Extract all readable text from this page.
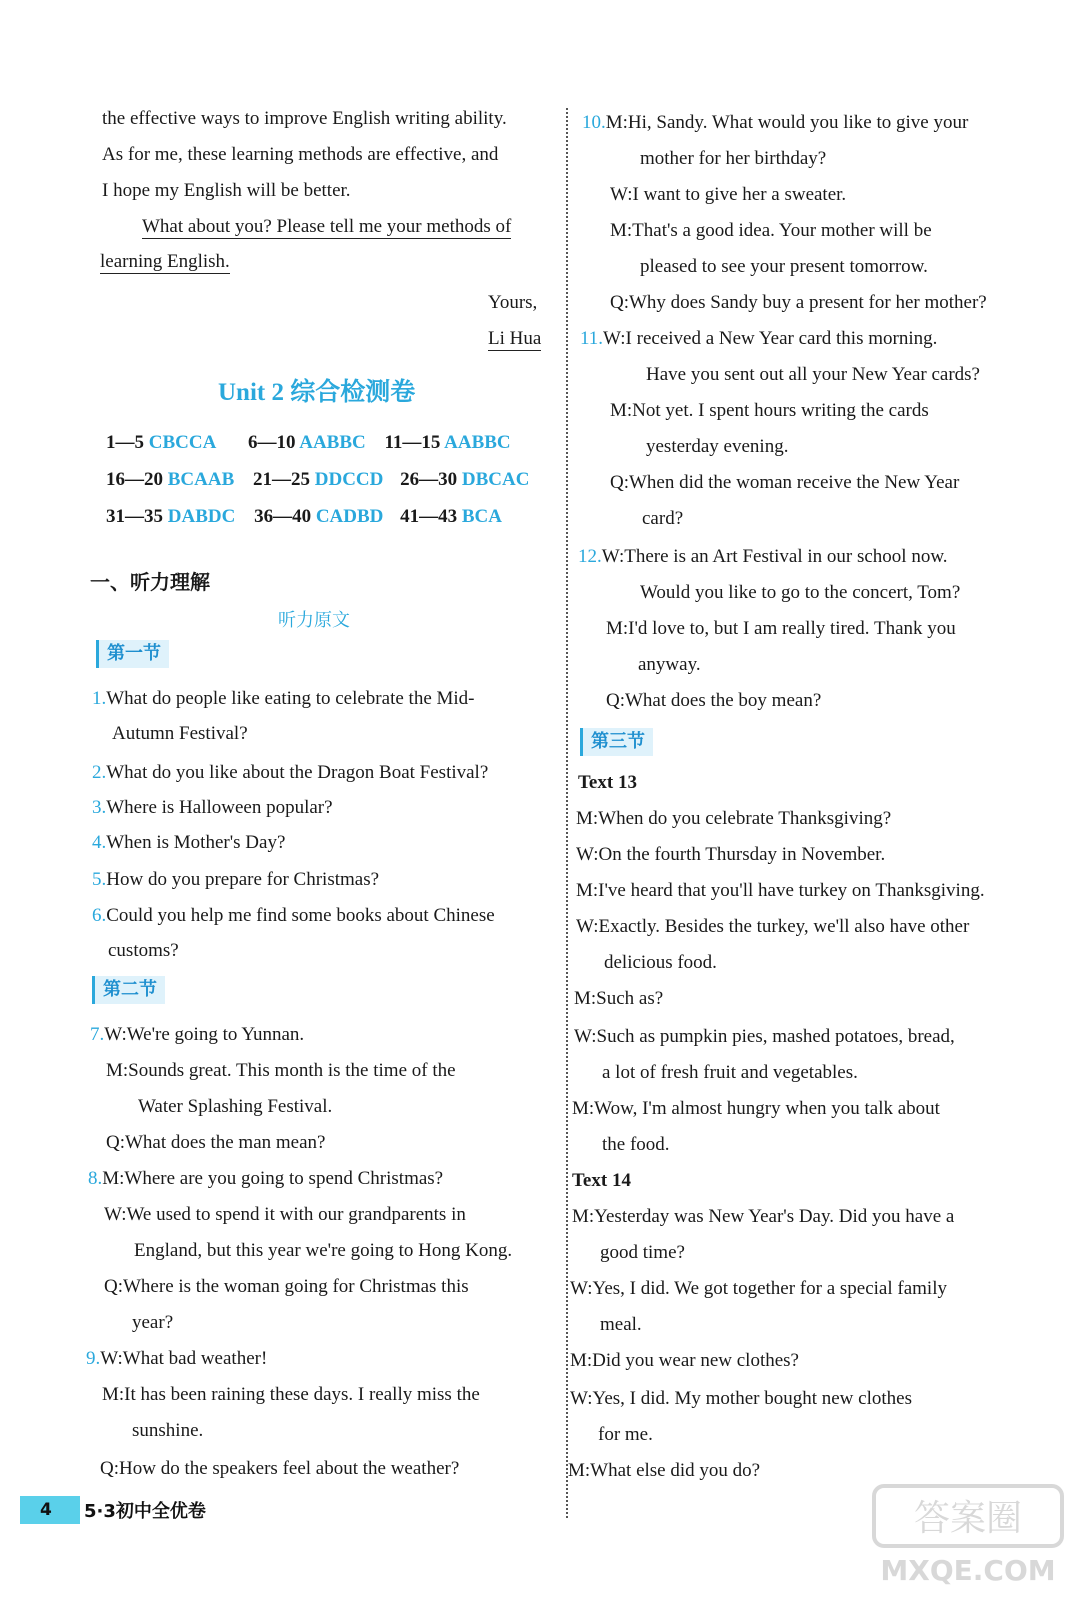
the effective ways to improve English writing ability.
As for me, these learning methods are effective, and
I hope my English will be better.
What about you? Please tell me your methods of
learning English.
Yours,
Li Hua
Unit 2 综合检测卷
1—5 CBCCA 6—10 AABBC 11—15 AABBC
16—20 BCAAB 21—25 DDCCD 26—30 DBCAC
31—35 DABDC 36—40 CADBD 41—43 BCA
一、听力理解
听力原文
第一节
1.What do people like eating to celebrate the Mid-
Autumn Festival?
2.What do you like about the Dragon Boat Festival?
3.Where is Halloween popular?
4.When is Mother's Day?
5.How do you prepare for Christmas?
6.Could you help me find some books about Chinese
customs?
第二节
7.W:We're going to Yunnan.
M:Sounds great. This month is the time of the
Water Splashing Festival.
Q:What does the man mean?
8.M:Where are you going to spend Christmas?
W:We used to spend it with our grandparents in
England, but this year we're going to Hong Kong.
Q:Where is the woman going for Christmas this
year?
9.W:What bad weather!
M:It has been raining these days. I really miss the
sunshine.
Q:How do the speakers feel about the weather?
10.M:Hi, Sandy. What would you like to give your
mother for her birthday?
W:I want to give her a sweater.
M:That's a good idea. Your mother will be
pleased to see your present tomorrow.
Q:Why does Sandy buy a present for her mother?
11.W:I received a New Year card this morning.
Have you sent out all your New Year cards?
M:Not yet. I spent hours writing the cards
yesterday evening.
Q:When did the woman receive the New Year
card?
12.W:There is an Art Festival in our school now.
Would you like to go to the concert, Tom?
M:I'd love to, but I am really tired. Thank you
anyway.
Q:What does the boy mean?
第三节
Text 13
M:When do you celebrate Thanksgiving?
W:On the fourth Thursday in November.
M:I've heard that you'll have turkey on Thanksgiving.
W:Exactly. Besides the turkey, we'll also have other
delicious food.
M:Such as?
W:Such as pumpkin pies, mashed potatoes, bread,
a lot of fresh fruit and vegetables.
M:Wow, I'm almost hungry when you talk about
the food.
Text 14
M:Yesterday was New Year's Day. Did you have a
good time?
W:Yes, I did. We got together for a special family
meal.
M:Did you wear new clothes?
W:Yes, I did. My mother bought new clothes
for me.
M:What else did you do?
4	5·3初中全优卷	答案圈
MXQE.COM
